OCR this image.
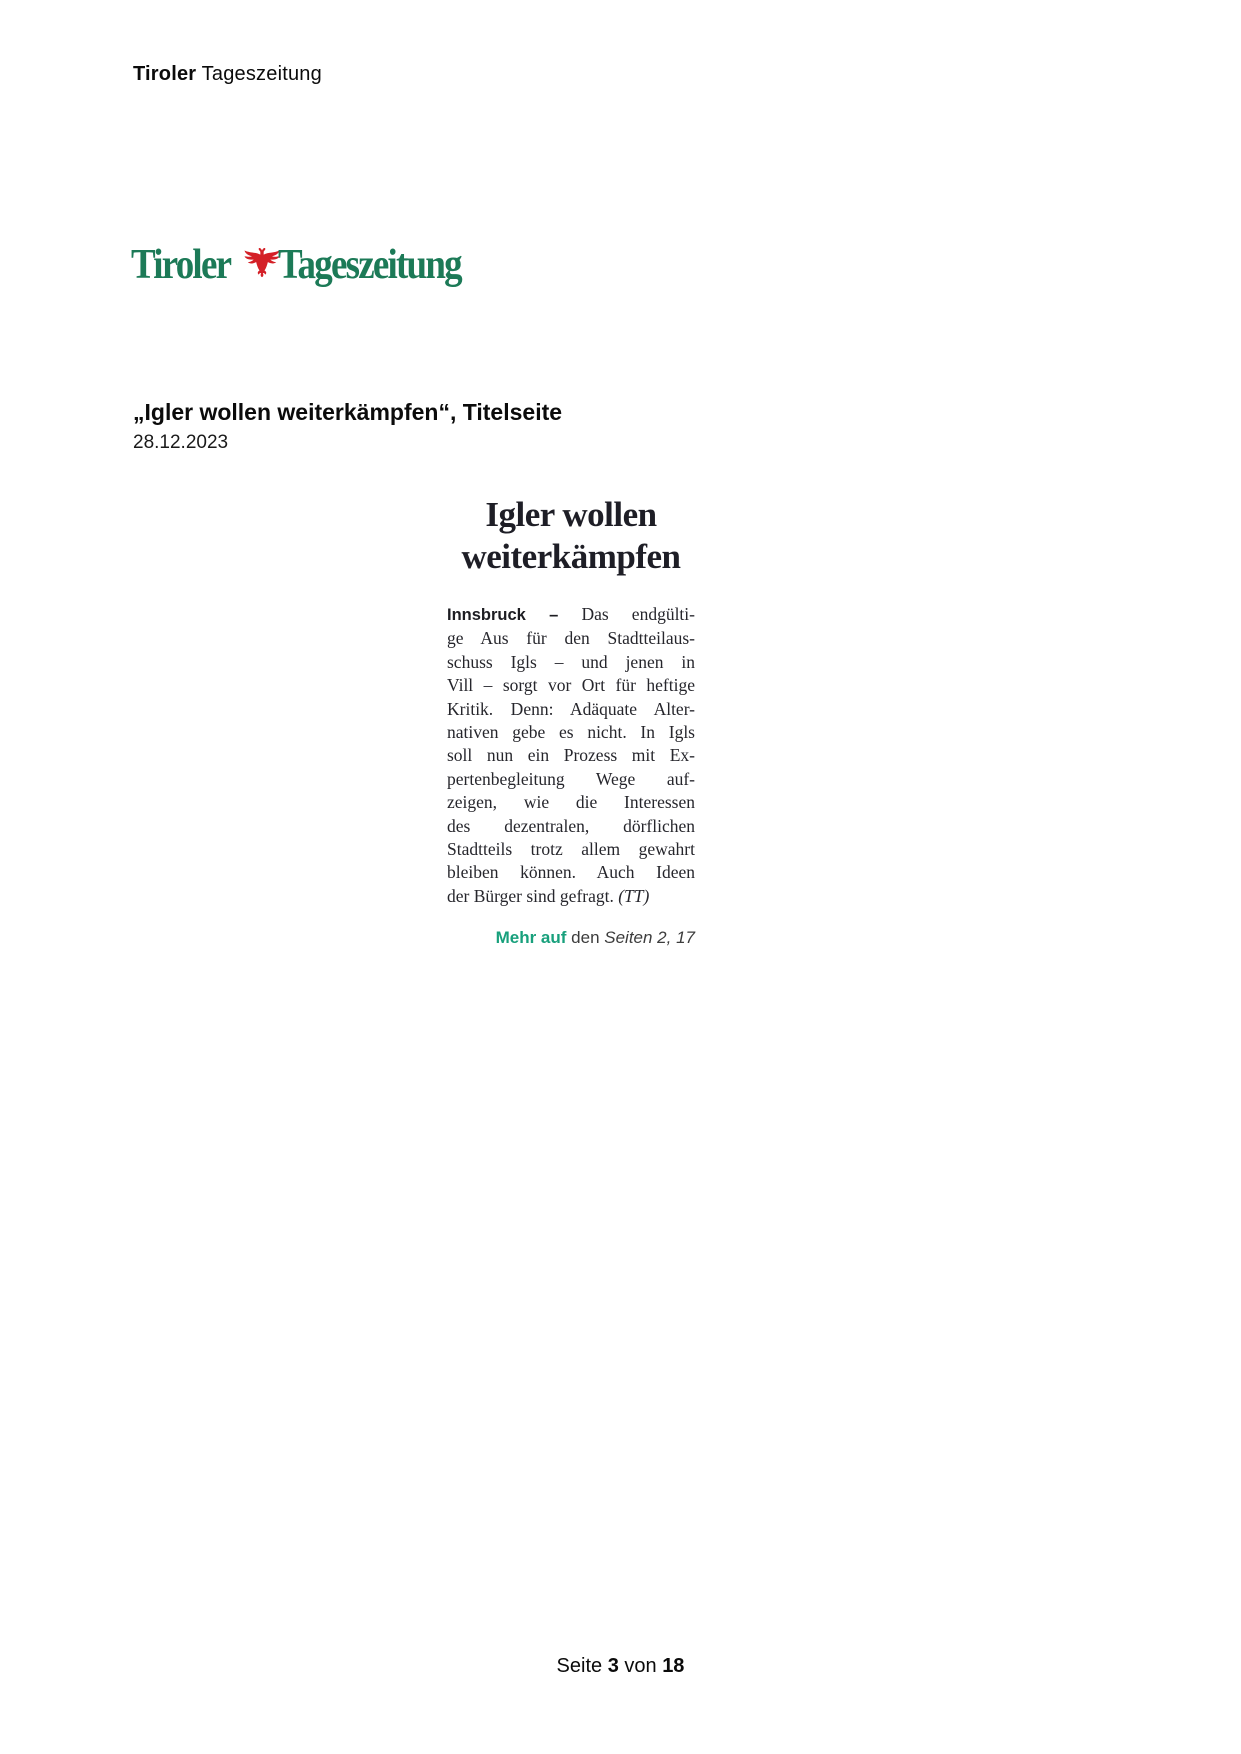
Tiroler Tageszeitung
Tiroler Tageszeitung
„Igler wollen weiterkämpfen“, Titelseite
28.12.2023
Igler wollen
weiterkämpfen
Innsbruck – Das endgülti-
ge Aus für den Stadtteilaus-
schuss Igls – und jenen in
Vill – sorgt vor Ort für heftige
Kritik. Denn: Adäquate Alter-
nativen gebe es nicht. In Igls
soll nun ein Prozess mit Ex-
pertenbegleitung Wege auf-
zeigen, wie die Interessen
des dezentralen, dörflichen
Stadtteils trotz allem gewahrt
bleiben können. Auch Ideen
der Bürger sind gefragt. (TT)
Mehr auf den Seiten 2, 17
Seite 3 von 18
